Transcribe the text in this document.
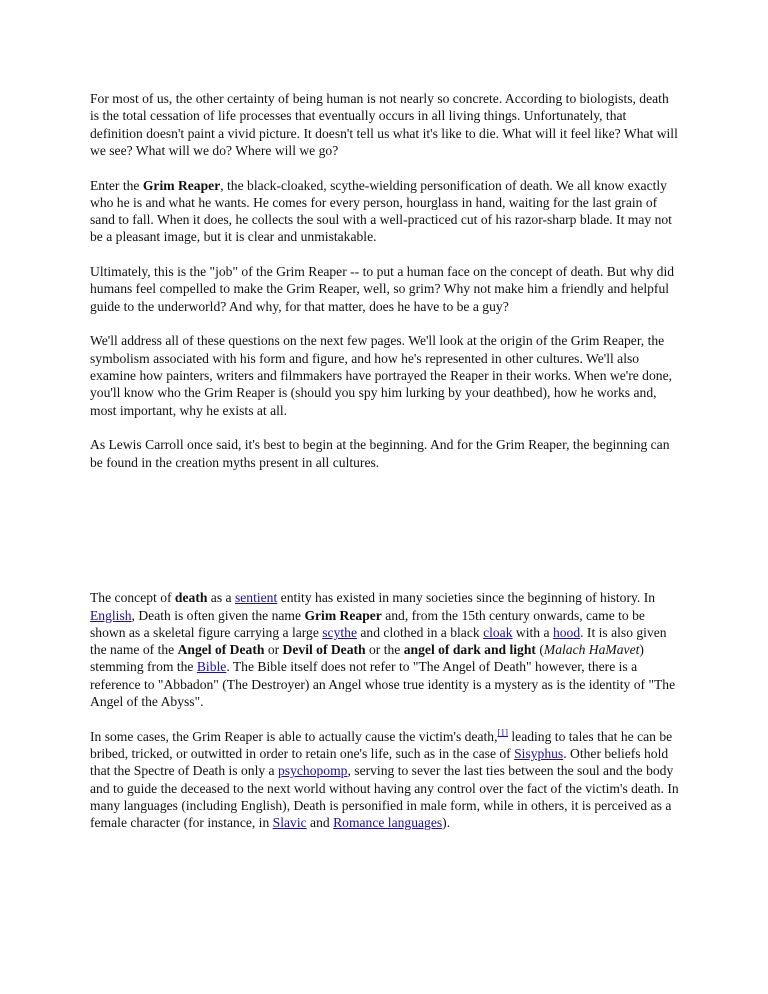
For most of us, the other certainty of being human is not nearly so concrete. According to biologists, death is the total cessation of life processes that eventually occurs in all living things. Unfortunately, that definition doesn't paint a vivid picture. It doesn't tell us what it's like to die. What will it feel like? What will we see? What will we do? Where will we go?

Enter the Grim Reaper, the black-cloaked, scythe-wielding personification of death. We all know exactly who he is and what he wants. He comes for every person, hourglass in hand, waiting for the last grain of sand to fall. When it does, he collects the soul with a well-practiced cut of his razor-sharp blade. It may not be a pleasant image, but it is clear and unmistakable.

Ultimately, this is the "job" of the Grim Reaper -- to put a human face on the concept of death. But why did humans feel compelled to make the Grim Reaper, well, so grim? Why not make him a friendly and helpful guide to the underworld? And why, for that matter, does he have to be a guy?

We'll address all of these questions on the next few pages. We'll look at the origin of the Grim Reaper, the symbolism associated with his form and figure, and how he's represented in other cultures. We'll also examine how painters, writers and filmmakers have portrayed the Reaper in their works. When we're done, you'll know who the Grim Reaper is (should you spy him lurking by your deathbed), how he works and, most important, why he exists at all.

As Lewis Carroll once said, it's best to begin at the beginning. And for the Grim Reaper, the beginning can be found in the creation myths present in all cultures.

The concept of death as a sentient entity has existed in many societies since the beginning of history. In English, Death is often given the name Grim Reaper and, from the 15th century onwards, came to be shown as a skeletal figure carrying a large scythe and clothed in a black cloak with a hood. It is also given the name of the Angel of Death or Devil of Death or the angel of dark and light (Malach HaMavet) stemming from the Bible. The Bible itself does not refer to "The Angel of Death" however, there is a reference to "Abbadon" (The Destroyer) an Angel whose true identity is a mystery as is the identity of "The Angel of the Abyss".

In some cases, the Grim Reaper is able to actually cause the victim's death,[1] leading to tales that he can be bribed, tricked, or outwitted in order to retain one's life, such as in the case of Sisyphus. Other beliefs hold that the Spectre of Death is only a psychopomp, serving to sever the last ties between the soul and the body and to guide the deceased to the next world without having any control over the fact of the victim's death. In many languages (including English), Death is personified in male form, while in others, it is perceived as a female character (for instance, in Slavic and Romance languages).
